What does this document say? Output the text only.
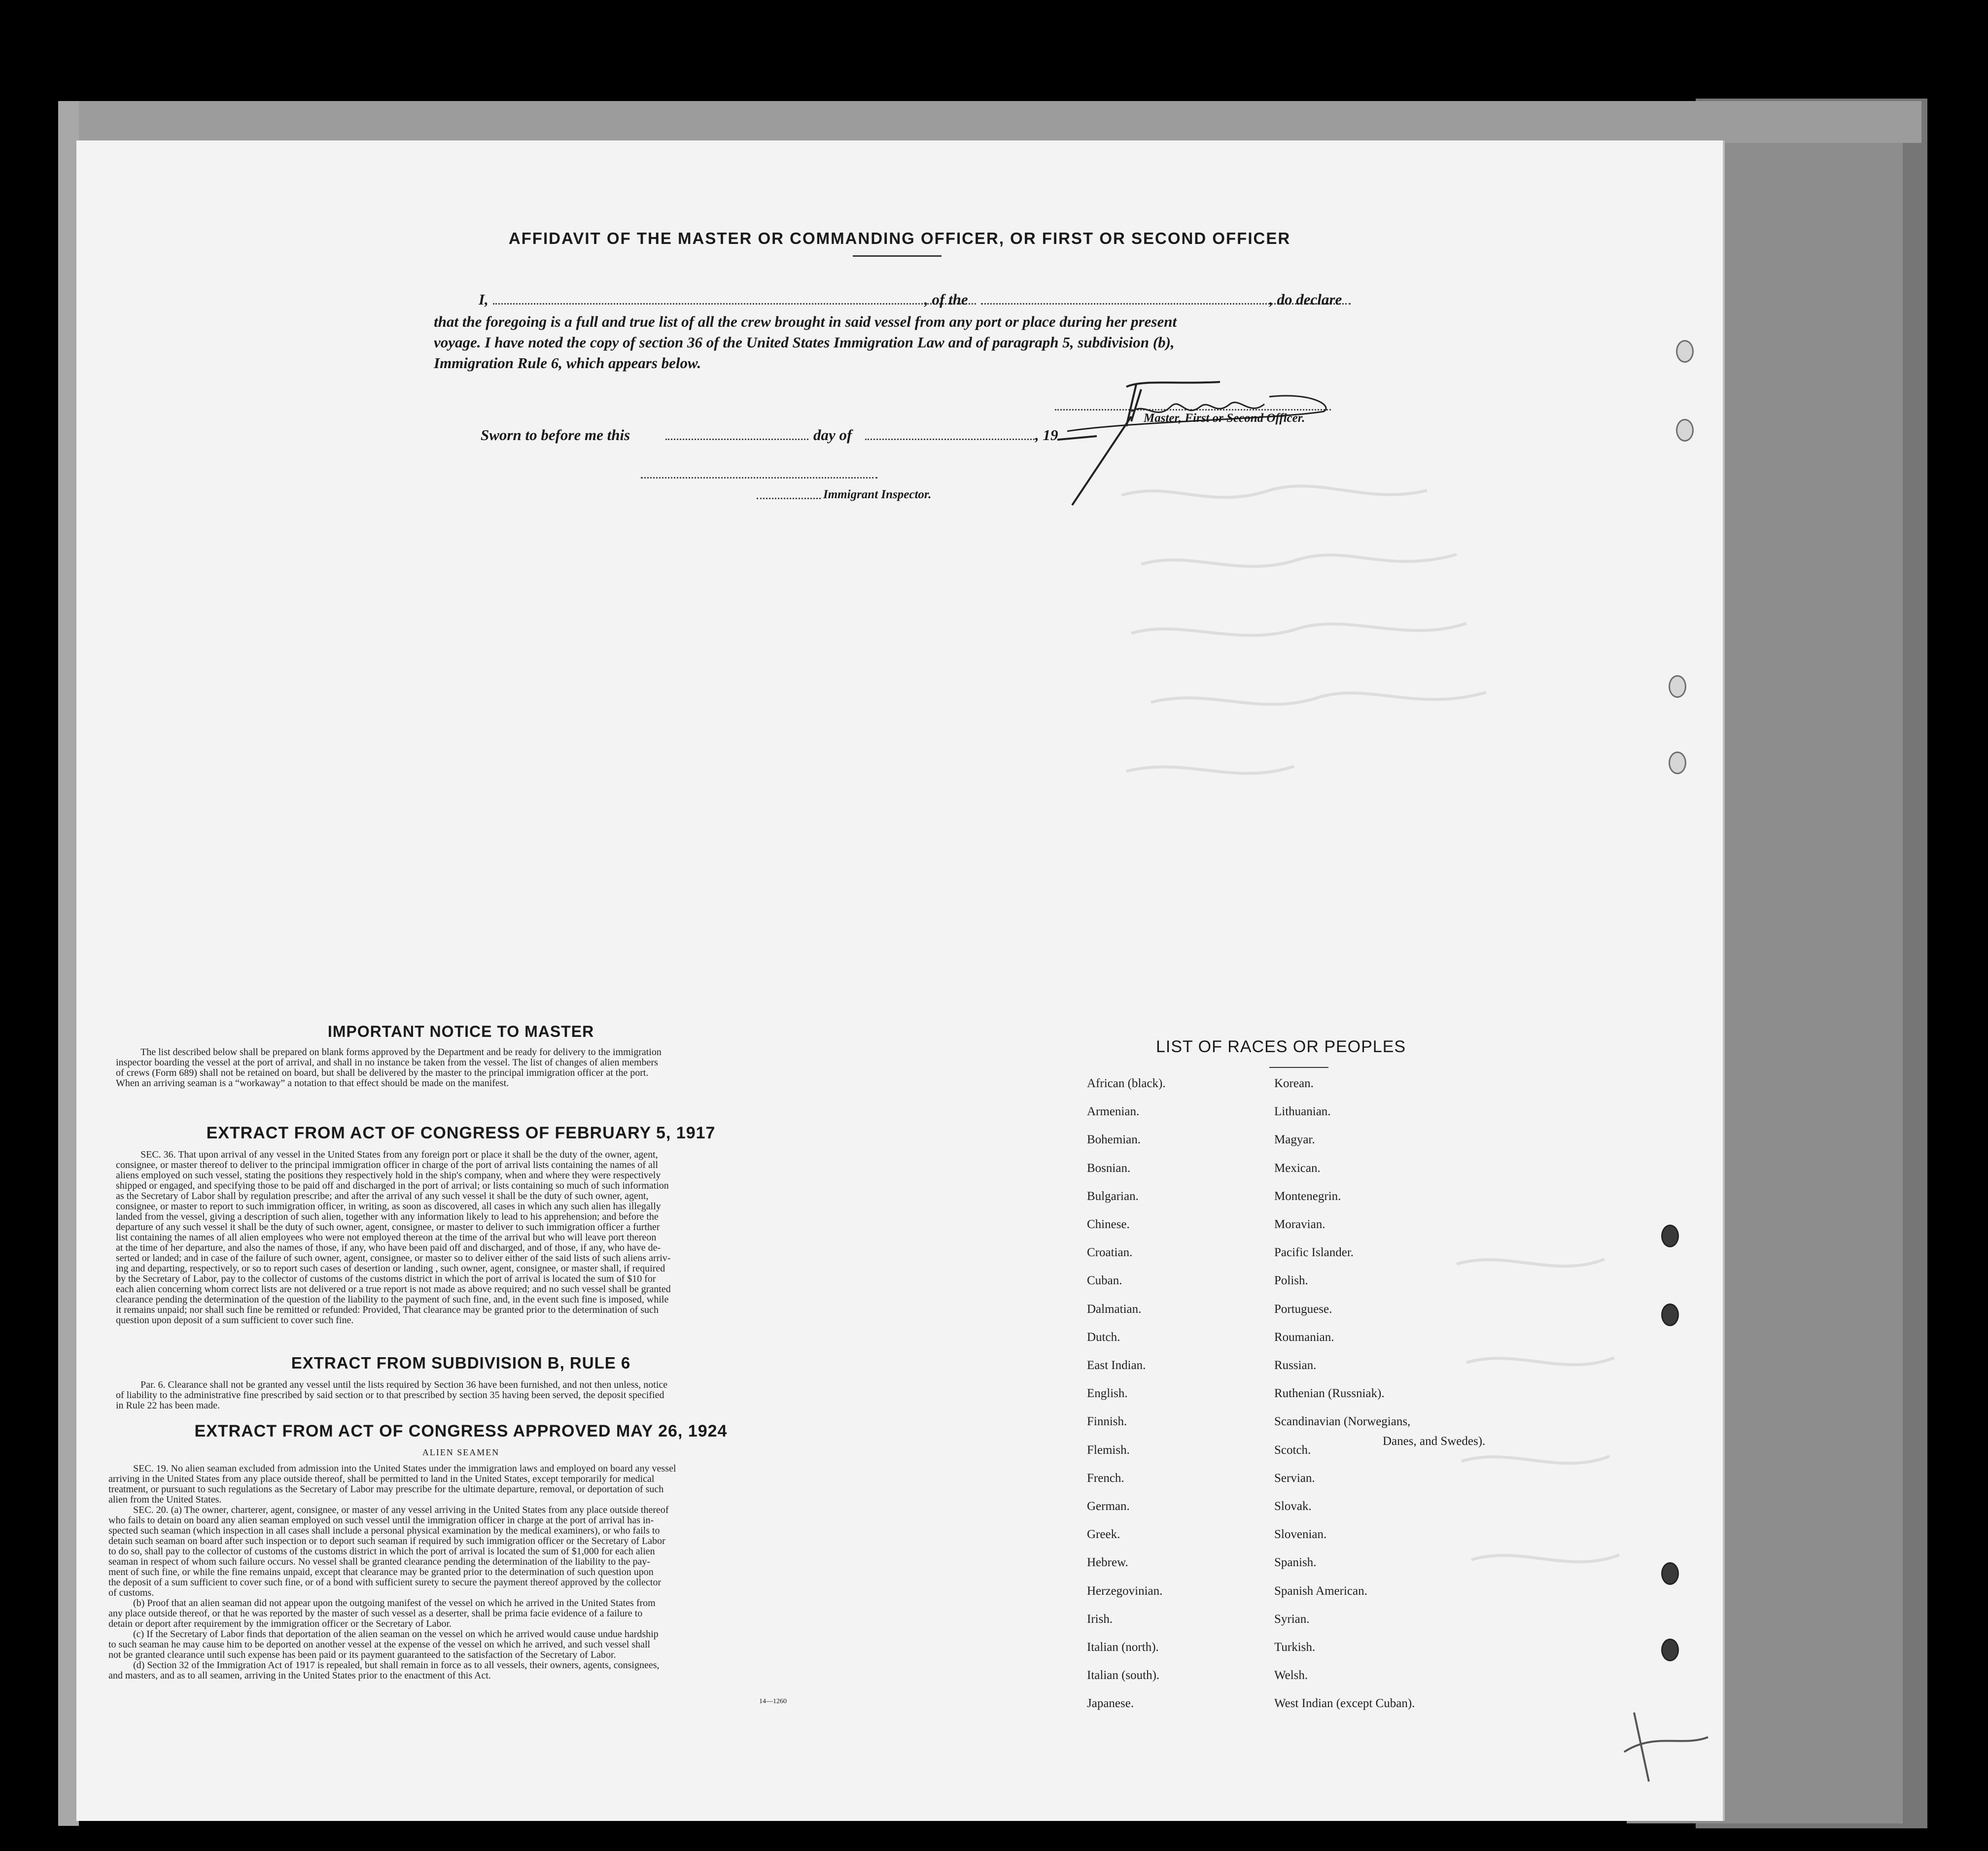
AFFIDAVIT OF THE MASTER OR COMMANDING OFFICER, OR FIRST OR SECOND OFFICER
I,	, of the	, do declare
that the foregoing is a full and true list of all the crew brought in said vessel from any port or place during her present
voyage. I have noted the copy of section 36 of the United States Immigration Law and of paragraph 5, subdivision (b),
Immigration Rule 6, which appears below.
Master, First or Second Officer.
Sworn to before me this	day of	, 19
Immigrant Inspector.
IMPORTANT NOTICE TO MASTER
The list described below shall be prepared on blank forms approved by the Department and be ready for delivery to the immigration
inspector boarding the vessel at the port of arrival, and shall in no instance be taken from the vessel. The list of changes of alien members
of crews (Form 689) shall not be retained on board, but shall be delivered by the master to the principal immigration officer at the port.
When an arriving seaman is a “workaway” a notation to that effect should be made on the manifest.
EXTRACT FROM ACT OF CONGRESS OF FEBRUARY 5, 1917
SEC. 36. That upon arrival of any vessel in the United States from any foreign port or place it shall be the duty of the owner, agent,
consignee, or master thereof to deliver to the principal immigration officer in charge of the port of arrival lists containing the names of all
aliens employed on such vessel, stating the positions they respectively hold in the ship's company, when and where they were respectively
shipped or engaged, and specifying those to be paid off and discharged in the port of arrival; or lists containing so much of such information
as the Secretary of Labor shall by regulation prescribe; and after the arrival of any such vessel it shall be the duty of such owner, agent,
consignee, or master to report to such immigration officer, in writing, as soon as discovered, all cases in which any such alien has illegally
landed from the vessel, giving a description of such alien, together with any information likely to lead to his apprehension; and before the
departure of any such vessel it shall be the duty of such owner, agent, consignee, or master to deliver to such immigration officer a further
list containing the names of all alien employees who were not employed thereon at the time of the arrival but who will leave port thereon
at the time of her departure, and also the names of those, if any, who have been paid off and discharged, and of those, if any, who have de-
serted or landed; and in case of the failure of such owner, agent, consignee, or master so to deliver either of the said lists of such aliens arriv-
ing and departing, respectively, or so to report such cases of desertion or landing , such owner, agent, consignee, or master shall, if required
by the Secretary of Labor, pay to the collector of customs of the customs district in which the port of arrival is located the sum of $10 for
each alien concerning whom correct lists are not delivered or a true report is not made as above required; and no such vessel shall be granted
clearance pending the determination of the question of the liability to the payment of such fine, and, in the event such fine is imposed, while
it remains unpaid; nor shall such fine be remitted or refunded: Provided, That clearance may be granted prior to the determination of such
question upon deposit of a sum sufficient to cover such fine.
EXTRACT FROM SUBDIVISION B, RULE 6
Par. 6. Clearance shall not be granted any vessel until the lists required by Section 36 have been furnished, and not then unless, notice
of liability to the administrative fine prescribed by said section or to that prescribed by section 35 having been served, the deposit specified
in Rule 22 has been made.
EXTRACT FROM ACT OF CONGRESS APPROVED MAY 26, 1924
ALIEN SEAMEN
SEC. 19. No alien seaman excluded from admission into the United States under the immigration laws and employed on board any vessel
arriving in the United States from any place outside thereof, shall be permitted to land in the United States, except temporarily for medical
treatment, or pursuant to such regulations as the Secretary of Labor may prescribe for the ultimate departure, removal, or deportation of such
alien from the United States.
SEC. 20. (a) The owner, charterer, agent, consignee, or master of any vessel arriving in the United States from any place outside thereof
who fails to detain on board any alien seaman employed on such vessel until the immigration officer in charge at the port of arrival has in-
spected such seaman (which inspection in all cases shall include a personal physical examination by the medical examiners), or who fails to
detain such seaman on board after such inspection or to deport such seaman if required by such immigration officer or the Secretary of Labor
to do so, shall pay to the collector of customs of the customs district in which the port of arrival is located the sum of $1,000 for each alien
seaman in respect of whom such failure occurs. No vessel shall be granted clearance pending the determination of the liability to the pay-
ment of such fine, or while the fine remains unpaid, except that clearance may be granted prior to the determination of such question upon
the deposit of a sum sufficient to cover such fine, or of a bond with sufficient surety to secure the payment thereof approved by the collector
of customs.
(b) Proof that an alien seaman did not appear upon the outgoing manifest of the vessel on which he arrived in the United States from
any place outside thereof, or that he was reported by the master of such vessel as a deserter, shall be prima facie evidence of a failure to
detain or deport after requirement by the immigration officer or the Secretary of Labor.
(c) If the Secretary of Labor finds that deportation of the alien seaman on the vessel on which he arrived would cause undue hardship
to such seaman he may cause him to be deported on another vessel at the expense of the vessel on which he arrived, and such vessel shall
not be granted clearance until such expense has been paid or its payment guaranteed to the satisfaction of the Secretary of Labor.
(d) Section 32 of the Immigration Act of 1917 is repealed, but shall remain in force as to all vessels, their owners, agents, consignees,
and masters, and as to all seamen, arriving in the United States prior to the enactment of this Act.
14—1260
LIST OF RACES OR PEOPLES
Danes, and Swedes).
African (black).
Armenian.
Bohemian.
Bosnian.
Bulgarian.
Chinese.
Croatian.
Cuban.
Dalmatian.
Dutch.
East Indian.
English.
Finnish.
Flemish.
French.
German.
Greek.
Hebrew.
Herzegovinian.
Irish.
Italian (north).
Italian (south).
Japanese.
Korean.
Lithuanian.
Magyar.
Mexican.
Montenegrin.
Moravian.
Pacific Islander.
Polish.
Portuguese.
Roumanian.
Russian.
Ruthenian (Russniak).
Scandinavian (Norwegians,
Scotch.
Servian.
Slovak.
Slovenian.
Spanish.
Spanish American.
Syrian.
Turkish.
Welsh.
West Indian (except Cuban).
